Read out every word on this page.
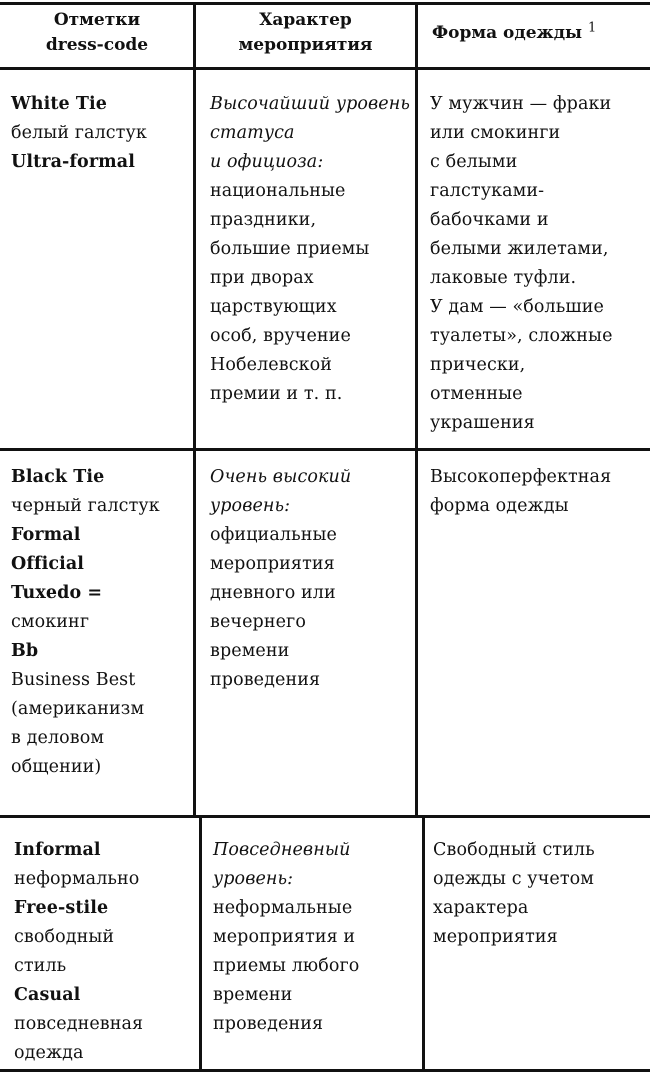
Отметки
dress-code
Характер
мероприятия
Форма одежды $^1$
White Tie
белый галстук
Ultra-formal
Высочайший уровень
статуса
и официоза:
национальные
праздники,
большие приемы
при дворах
царствующих
особ, вручение
Нобелевской
премии и т. п.
У мужчин — фраки
или смокинги
с белыми
галстуками-
бабочками и
белыми жилетами,
лаковые туфли.
У дам — «большие
туалеты», сложные
прически,
отменные
украшения
Black Tie
черный галстук
Formal
Official
Tuxedo =
смокинг
Bb
Business Best
(американизм
в деловом
общении)
Очень высокий
уровень:
официальные
мероприятия
дневного или
вечернего
времени
проведения
Высокоперфектная
форма одежды
Informal
неформально
Free-stile
свободный
стиль
Casual
повседневная
одежда
Повседневный
уровень:
неформальные
мероприятия и
приемы любого
времени
проведения
Свободный стиль
одежды с учетом
характера
мероприятия
